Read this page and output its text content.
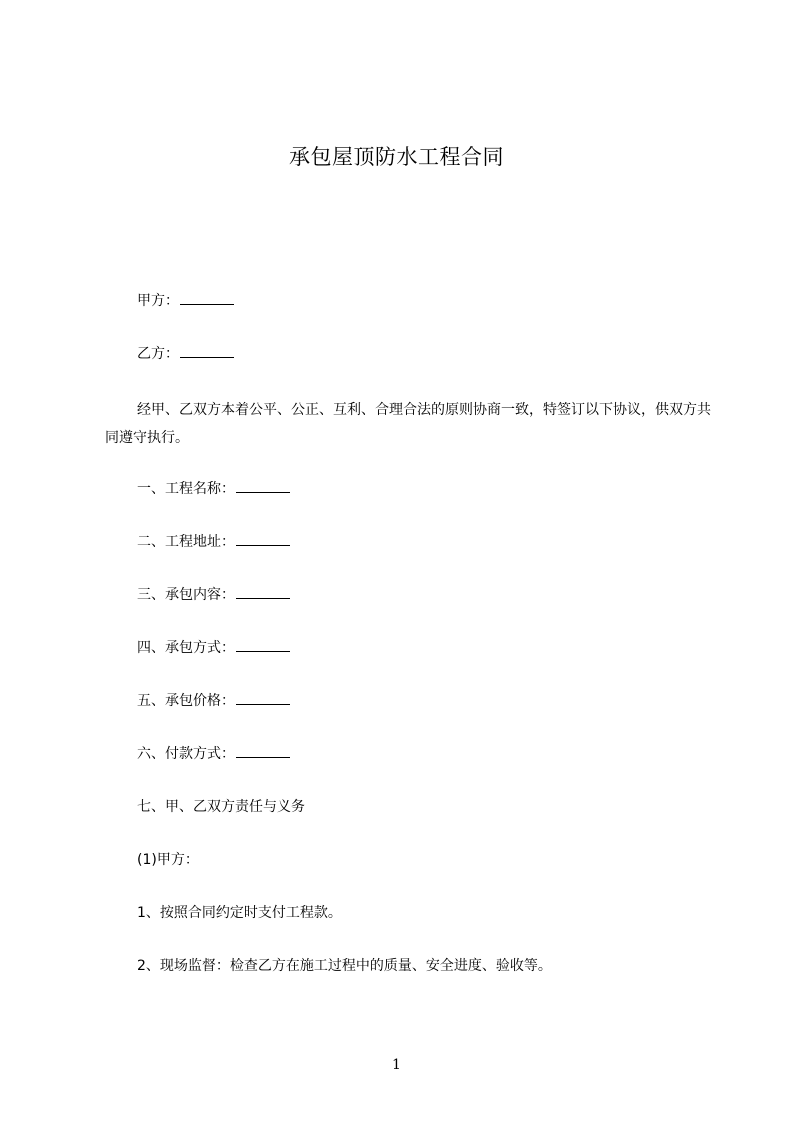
承包屋顶防水工程合同
甲方：
乙方：
经甲、乙双方本着公平、公正、互利、合理合法的原则协商一致，特签订以下协议，供双方共同遵守执行。
一、工程名称：
二、工程地址：
三、承包内容：
四、承包方式：
五、承包价格：
六、付款方式：
七、甲、乙双方责任与义务
(1)甲方：
1、按照合同约定时支付工程款。
2、现场监督：检查乙方在施工过程中的质量、安全进度、验收等。
1
